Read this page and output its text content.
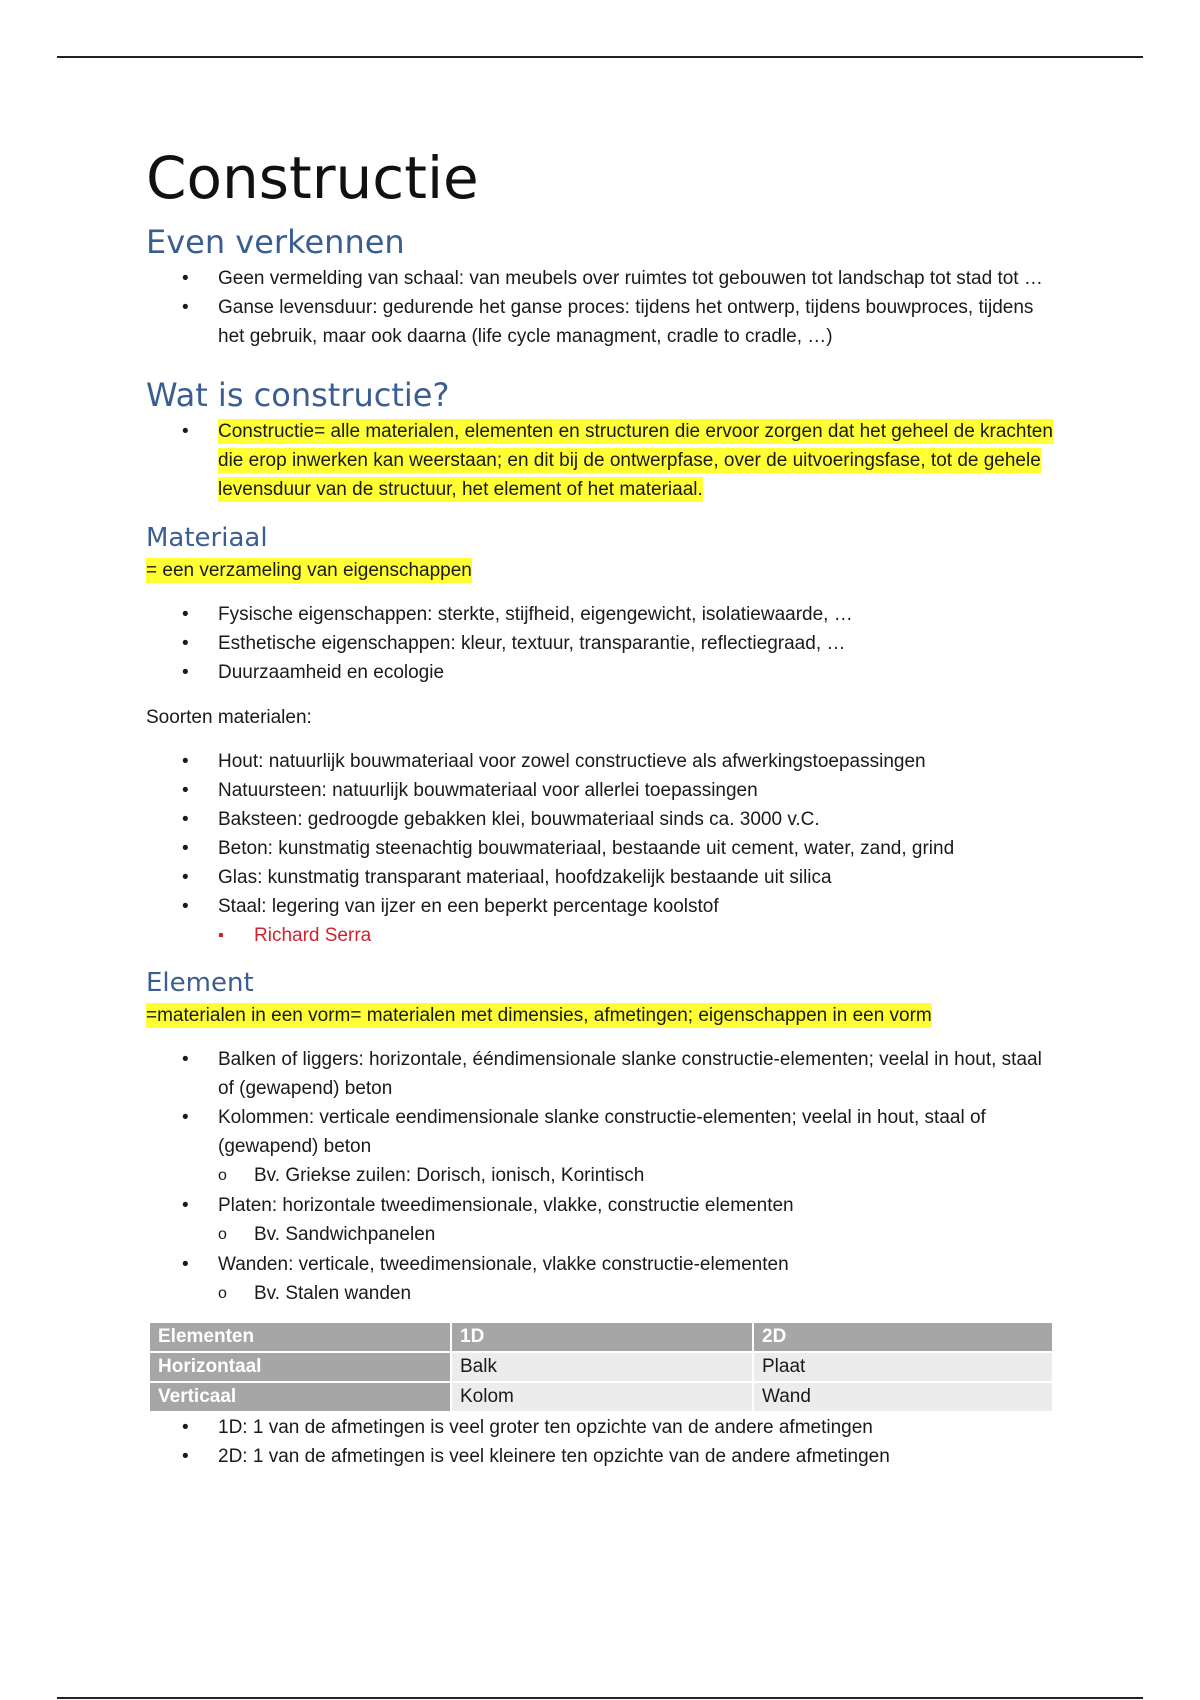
Constructie
Even verkennen
• Geen vermelding van schaal: van meubels over ruimtes tot gebouwen tot landschap tot stad tot …
• Ganse levensduur: gedurende het ganse proces: tijdens het ontwerp, tijdens bouwproces, tijdens het gebruik, maar ook daarna (life cycle managment, cradle to cradle, …)
Wat is constructie?
• Constructie= alle materialen, elementen en structuren die ervoor zorgen dat het geheel de krachten die erop inwerken kan weerstaan; en dit bij de ontwerpfase, over de uitvoeringsfase, tot de gehele levensduur van de structuur, het element of het materiaal.
Materiaal
= een verzameling van eigenschappen
• Fysische eigenschappen: sterkte, stijfheid, eigengewicht, isolatiewaarde, …
• Esthetische eigenschappen: kleur, textuur, transparantie, reflectiegraad, …
• Duurzaamheid en ecologie
Soorten materialen:
• Hout: natuurlijk bouwmateriaal voor zowel constructieve als afwerkingstoepassingen
• Natuursteen: natuurlijk bouwmateriaal voor allerlei toepassingen
• Baksteen: gedroogde gebakken klei, bouwmateriaal sinds ca. 3000 v.C.
• Beton: kunstmatig steenachtig bouwmateriaal, bestaande uit cement, water, zand, grind
• Glas: kunstmatig transparant materiaal, hoofdzakelijk bestaande uit silica
• Staal: legering van ijzer en een beperkt percentage koolstof
▪ Richard Serra
Element
=materialen in een vorm= materialen met dimensies, afmetingen; eigenschappen in een vorm
• Balken of liggers: horizontale, ééndimensionale slanke constructie-elementen; veelal in hout, staal of (gewapend) beton
• Kolommen: verticale eendimensionale slanke constructie-elementen; veelal in hout, staal of (gewapend) beton
o Bv. Griekse zuilen: Dorisch, ionisch, Korintisch
• Platen: horizontale tweedimensionale, vlakke, constructie elementen
o Bv. Sandwichpanelen
• Wanden: verticale, tweedimensionale, vlakke constructie-elementen
o Bv. Stalen wanden
Elementen	1D	2D
Horizontaal	Balk	Plaat
Verticaal	Kolom	Wand
• 1D: 1 van de afmetingen is veel groter ten opzichte van de andere afmetingen
• 2D: 1 van de afmetingen is veel kleinere ten opzichte van de andere afmetingen
